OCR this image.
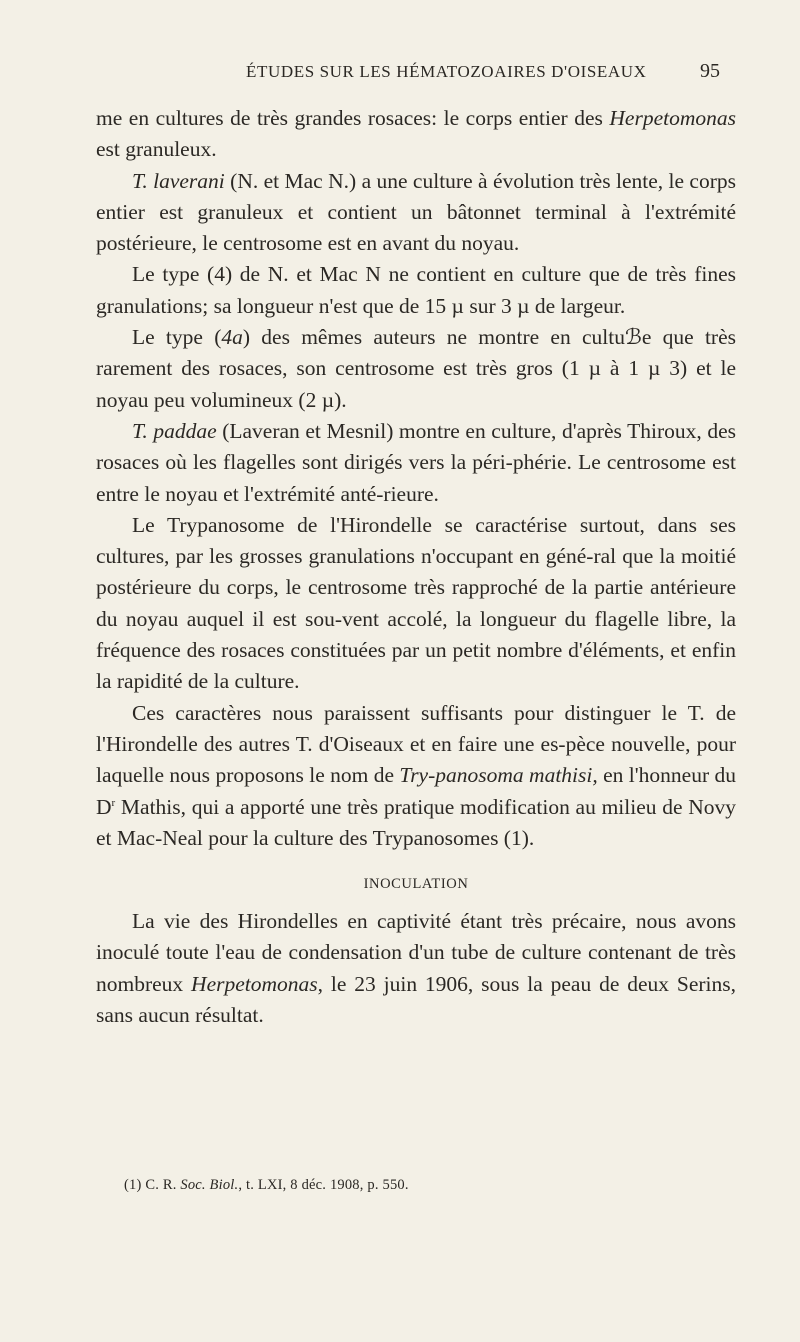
ÉTUDES SUR LES HÉMATOZOAIRES D'OISEAUX	95

me en cultures de très grandes rosaces: le corps entier des Herpetomonas est granuleux.

T. laverani (N. et Mac N.) a une culture à évolution très lente, le corps entier est granuleux et contient un bâtonnet terminal à l'extrémité postérieure, le centrosome est en avant du noyau.

Le type (4) de N. et Mac N ne contient en culture que de très fines granulations; sa longueur n'est que de 15 µ sur 3 µ de largeur.

Le type (4a) des mêmes auteurs ne montre en cultuℬe que très rarement des rosaces, son centrosome est très gros (1 µ à 1 µ 3) et le noyau peu volumineux (2 µ).

T. paddae (Laveran et Mesnil) montre en culture, d'après Thiroux, des rosaces où les flagelles sont dirigés vers la péri-phérie. Le centrosome est entre le noyau et l'extrémité anté-rieure.

Le Trypanosome de l'Hirondelle se caractérise surtout, dans ses cultures, par les grosses granulations n'occupant en géné-ral que la moitié postérieure du corps, le centrosome très rapproché de la partie antérieure du noyau auquel il est sou-vent accolé, la longueur du flagelle libre, la fréquence des rosaces constituées par un petit nombre d'éléments, et enfin la rapidité de la culture.

Ces caractères nous paraissent suffisants pour distinguer le T. de l'Hirondelle des autres T. d'Oiseaux et en faire une es-pèce nouvelle, pour laquelle nous proposons le nom de Try-panosoma mathisi, en l'honneur du $D^r$ Mathis, qui a apporté une très pratique modification au milieu de Novy et Mac-Neal pour la culture des Trypanosomes (1).

INOCULATION

La vie des Hirondelles en captivité étant très précaire, nous avons inoculé toute l'eau de condensation d'un tube de culture contenant de très nombreux Herpetomonas, le 23 juin 1906, sous la peau de deux Serins, sans aucun résultat.

(1) C. R. Soc. Biol., t. LXI, 8 déc. 1908, p. 550.
